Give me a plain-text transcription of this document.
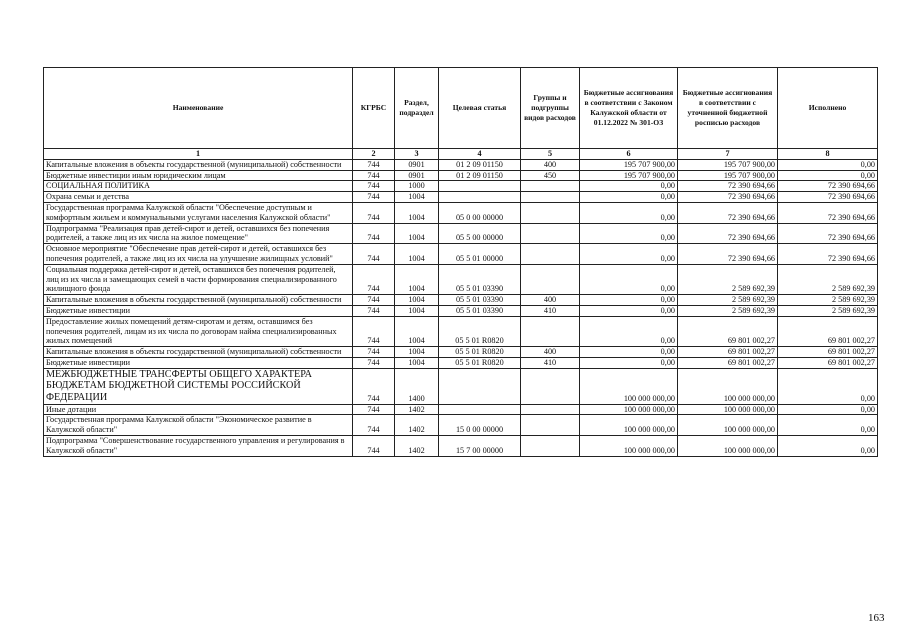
Наименование	КГРБС	Раздел, подраздел	Целевая статья	Группы и подгруппы видов расходов	Бюджетные ассигнования в соответствии с Законом Калужской области от 01.12.2022 № 301-ОЗ	Бюджетные ассигнования в соответствии с уточненной бюджетной росписью расходов	Исполнено
1	2	3	4	5	6	7	8
Капитальные вложения в объекты государственной (муниципальной) собственности	744	0901	01 2 09 01150	400	195 707 900,00	195 707 900,00	0,00
Бюджетные инвестиции иным юридическим лицам	744	0901	01 2 09 01150	450	195 707 900,00	195 707 900,00	0,00
СОЦИАЛЬНАЯ ПОЛИТИКА	744	1000			0,00	72 390 694,66	72 390 694,66
Охрана семьи и детства	744	1004			0,00	72 390 694,66	72 390 694,66
Государственная программа Калужской области "Обеспечение доступным и комфортным жильем и коммунальными услугами населения Калужской области"	744	1004	05 0 00 00000		0,00	72 390 694,66	72 390 694,66
Подпрограмма "Реализация прав детей-сирот и детей, оставшихся без попечения родителей, а также лиц из их числа на жилое помещение"	744	1004	05 5 00 00000		0,00	72 390 694,66	72 390 694,66
Основное мероприятие "Обеспечение прав детей-сирот и детей, оставшихся без попечения родителей, а также лиц из их числа на улучшение жилищных условий"	744	1004	05 5 01 00000		0,00	72 390 694,66	72 390 694,66
Социальная поддержка детей-сирот и детей, оставшихся без попечения родителей, лиц из их числа и замещающих семей в части формирования специализированного жилищного фонда	744	1004	05 5 01 03390		0,00	2 589 692,39	2 589 692,39
Капитальные вложения в объекты государственной (муниципальной) собственности	744	1004	05 5 01 03390	400	0,00	2 589 692,39	2 589 692,39
Бюджетные инвестиции	744	1004	05 5 01 03390	410	0,00	2 589 692,39	2 589 692,39
Предоставление жилых помещений детям-сиротам и детям, оставшимся без попечения родителей, лицам из их числа по договорам найма специализированных жилых помещений	744	1004	05 5 01 R0820		0,00	69 801 002,27	69 801 002,27
Капитальные вложения в объекты государственной (муниципальной) собственности	744	1004	05 5 01 R0820	400	0,00	69 801 002,27	69 801 002,27
Бюджетные инвестиции	744	1004	05 5 01 R0820	410	0,00	69 801 002,27	69 801 002,27
МЕЖБЮДЖЕТНЫЕ ТРАНСФЕРТЫ ОБЩЕГО ХАРАКТЕРА БЮДЖЕТАМ БЮДЖЕТНОЙ СИСТЕМЫ РОССИЙСКОЙ ФЕДЕРАЦИИ	744	1400			100 000 000,00	100 000 000,00	0,00
Иные дотации	744	1402			100 000 000,00	100 000 000,00	0,00
Государственная программа Калужской области "Экономическое развитие в Калужской области"	744	1402	15 0 00 00000		100 000 000,00	100 000 000,00	0,00
Подпрограмма "Совершенствование государственного управления и регулирования в Калужской области"	744	1402	15 7 00 00000		100 000 000,00	100 000 000,00	0,00
163
